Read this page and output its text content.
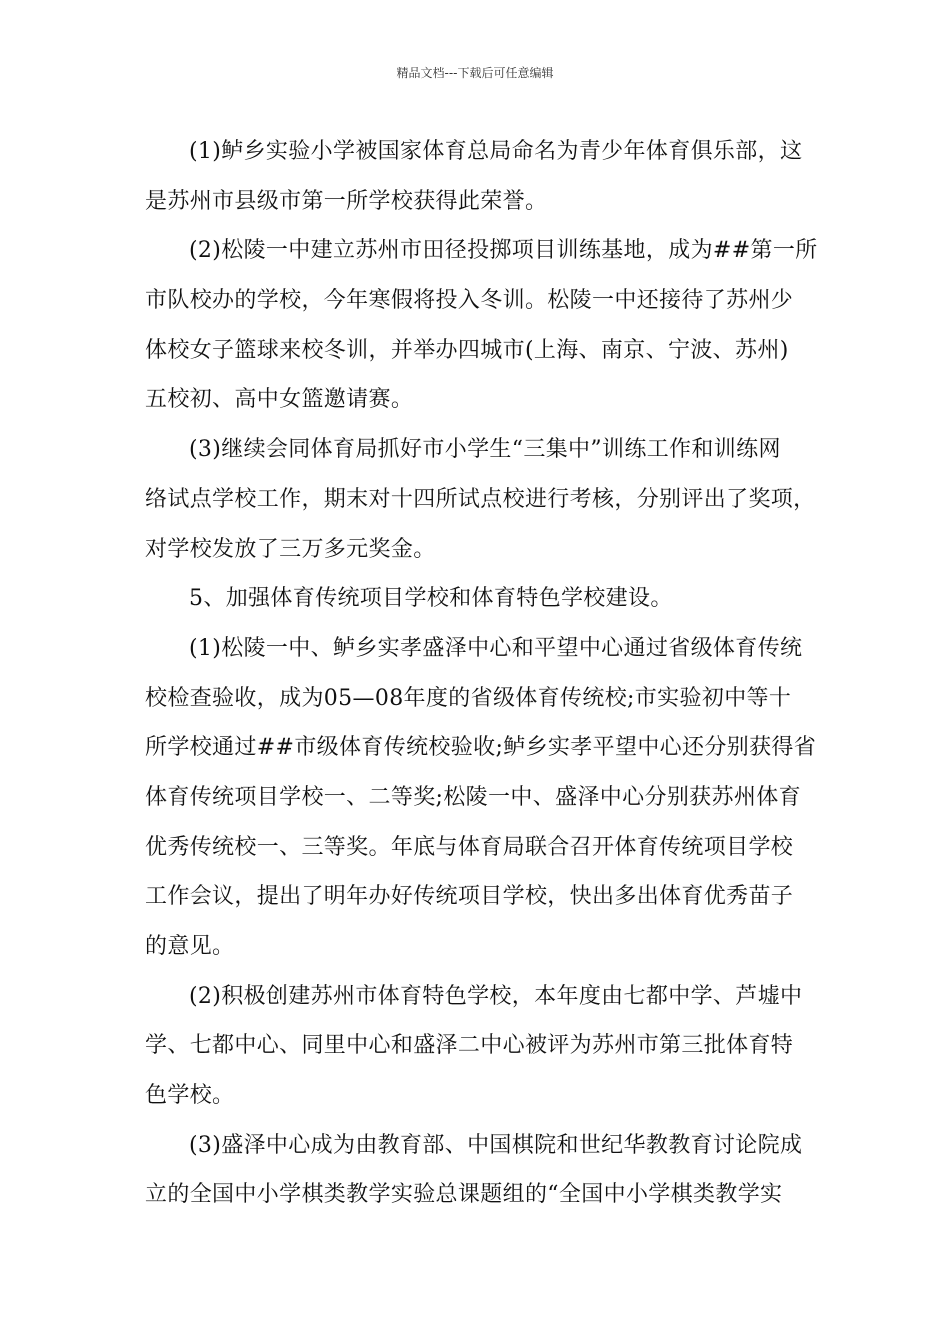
精品文档---下载后可任意编辑
(1)鲈乡实验小学被国家体育总局命名为青少年体育俱乐部，这
是苏州市县级市第一所学校获得此荣誉。
(2)松陵一中建立苏州市田径投掷项目训练基地，成为##第一所
市队校办的学校，今年寒假将投入冬训。松陵一中还接待了苏州少
体校女子篮球来校冬训，并举办四城市(上海、南京、宁波、苏州)
五校初、高中女篮邀请赛。
(3)继续会同体育局抓好市小学生“三集中”训练工作和训练网
络试点学校工作，期末对十四所试点校进行考核，分别评出了奖项，
对学校发放了三万多元奖金。
5、加强体育传统项目学校和体育特色学校建设。
(1)松陵一中、鲈乡实孝盛泽中心和平望中心通过省级体育传统
校检查验收，成为05—08年度的省级体育传统校;市实验初中等十
所学校通过##市级体育传统校验收;鲈乡实孝平望中心还分别获得省
体育传统项目学校一、二等奖;松陵一中、盛泽中心分别获苏州体育
优秀传统校一、三等奖。年底与体育局联合召开体育传统项目学校
工作会议，提出了明年办好传统项目学校，快出多出体育优秀苗子
的意见。
(2)积极创建苏州市体育特色学校，本年度由七都中学、芦墟中
学、七都中心、同里中心和盛泽二中心被评为苏州市第三批体育特
色学校。
(3)盛泽中心成为由教育部、中国棋院和世纪华教教育讨论院成
立的全国中小学棋类教学实验总课题组的“全国中小学棋类教学实
